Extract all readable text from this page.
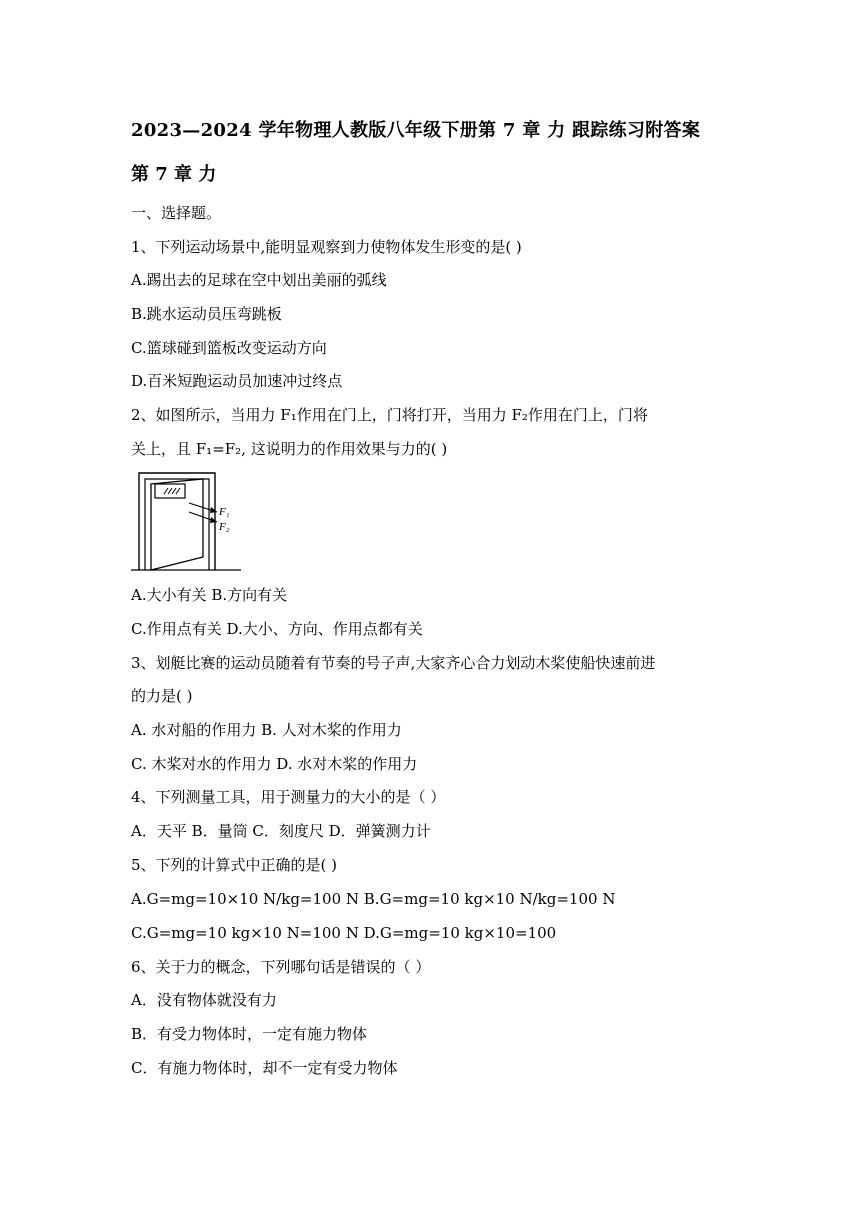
2023—2024 学年物理人教版八年级下册第 7 章 力 跟踪练习附答案
第 7 章 力
一、选择题。
1、下列运动场景中,能明显观察到力使物体发生形变的是( )
A.踢出去的足球在空中划出美丽的弧线
B.跳水运动员压弯跳板
C.篮球碰到篮板改变运动方向
D.百米短跑运动员加速冲过终点
2、如图所示，当用力 F₁作用在门上，门将打开，当用力 F₂作用在门上，门将
关上，且 F₁=F₂, 这说明力的作用效果与力的( )
F₁
F₂
A.大小有关 B.方向有关
C.作用点有关 D.大小、方向、作用点都有关
3、划艇比赛的运动员随着有节奏的号子声,大家齐心合力划动木桨使船快速前进
的力是( )
A. 水对船的作用力 B. 人对木桨的作用力
C. 木桨对水的作用力 D. 水对木桨的作用力
4、下列测量工具，用于测量力的大小的是（ ）
A．天平 B．量筒 C．刻度尺 D．弹簧测力计
5、下列的计算式中正确的是( )
A.G=mg=10×10 N/kg=100 N B.G=mg=10 kg×10 N/kg=100 N
C.G=mg=10 kg×10 N=100 N D.G=mg=10 kg×10=100
6、关于力的概念，下列哪句话是错误的（ ）
A．没有物体就没有力
B．有受力物体时，一定有施力物体
C．有施力物体时，却不一定有受力物体
